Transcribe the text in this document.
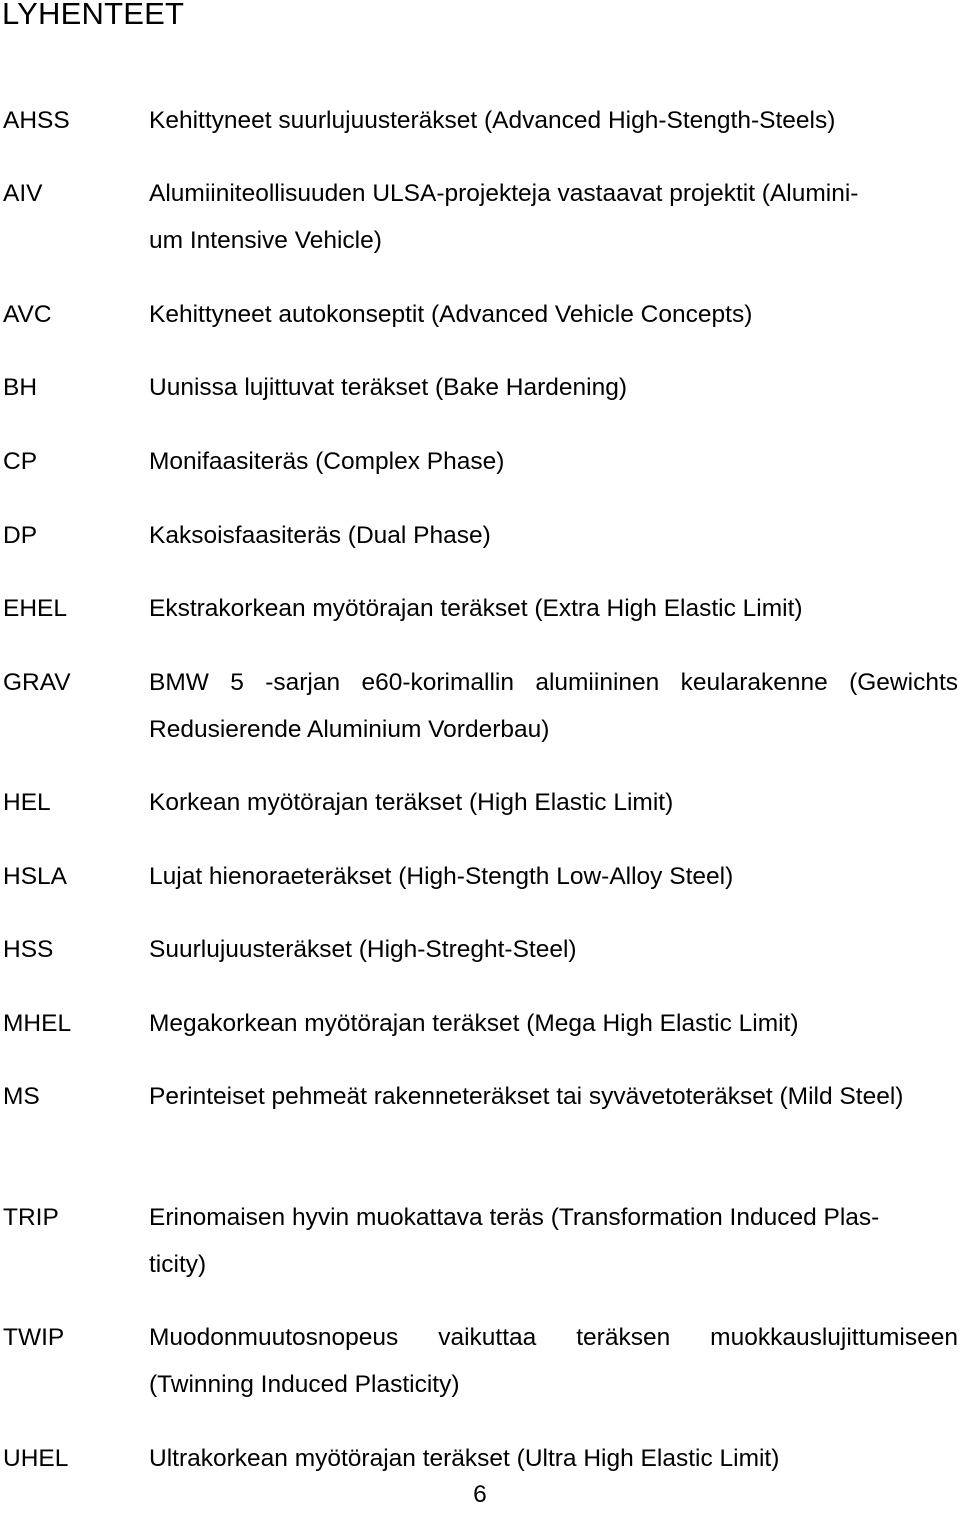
LYHENTEET
AHSS	Kehittyneet suurlujuusteräkset (Advanced High-Stength-Steels)
AIV	Alumiiniteollisuuden ULSA-projekteja vastaavat projektit (Alumini-
um Intensive Vehicle)
AVC	Kehittyneet autokonseptit (Advanced Vehicle Concepts)
BH	Uunissa lujittuvat teräkset (Bake Hardening)
CP	Monifaasiteräs (Complex Phase)
DP	Kaksoisfaasiteräs (Dual Phase)
EHEL	Ekstrakorkean myötörajan teräkset (Extra High Elastic Limit)
GRAV	BMW 5 -sarjan e60-korimallin alumiininen keularakenne (Gewichts Redusierende Aluminium Vorderbau)
HEL	Korkean myötörajan teräkset (High Elastic Limit)
HSLA	Lujat hienoraeteräkset (High-Stength Low-Alloy Steel)
HSS	Suurlujuusteräkset (High-Streght-Steel)
MHEL	Megakorkean myötörajan teräkset (Mega High Elastic Limit)
MS	Perinteiset pehmeät rakenneteräkset tai syvävetoteräkset (Mild Steel)
TRIP	Erinomaisen hyvin muokattava teräs (Transformation Induced Plas-
ticity)
TWIP	Muodonmuutosnopeus vaikuttaa teräksen muokkauslujittumiseen (Twinning Induced Plasticity)
UHEL	Ultrakorkean myötörajan teräkset (Ultra High Elastic Limit)
6
